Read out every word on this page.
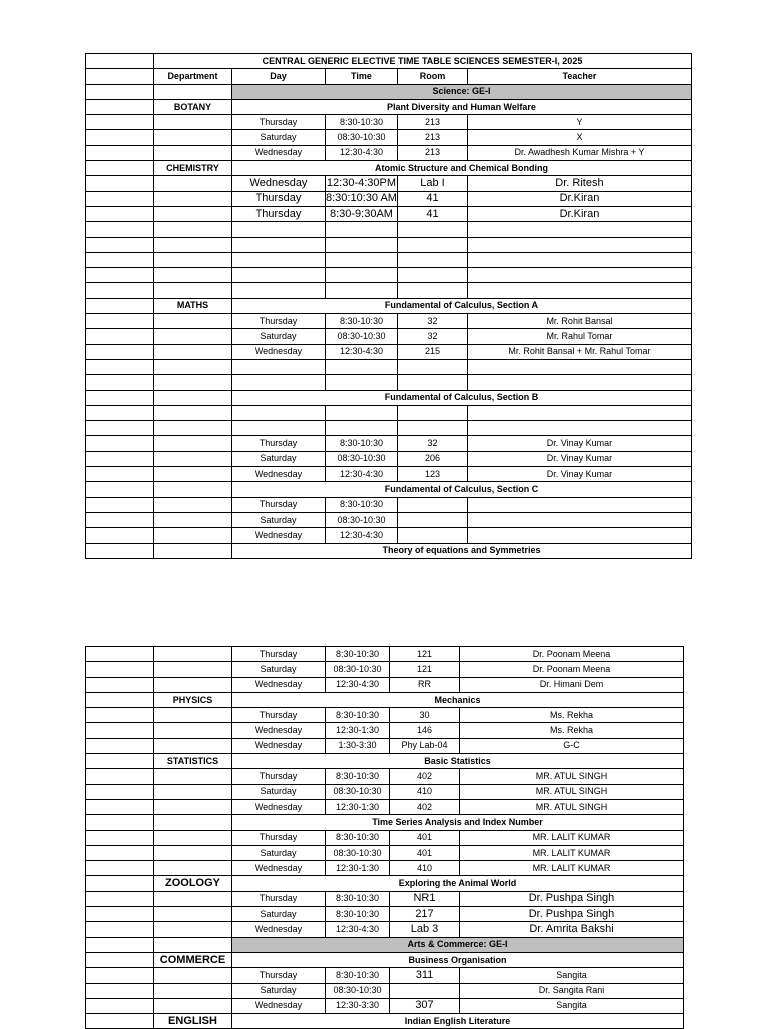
	CENTRAL GENERIC ELECTIVE TIME TABLE SCIENCES SEMESTER-I, 2025				
	Department	Day	Time	Room	Teacher
		Science: GE-I			
	BOTANY	Plant Diversity and Human Welfare			
		Thursday	8:30-10:30	213	Y
		Saturday	08:30-10:30	213	X
		Wednesday	12:30-4:30	213	Dr. Awadhesh Kumar Mishra + Y
	CHEMISTRY	Atomic Structure and Chemical Bonding			
		Wednesday	12:30-4:30PM	Lab I	Dr. Ritesh
		Thursday	8:30:10:30 AM	41	Dr.Kiran
		Thursday	8:30-9:30AM	41	Dr.Kiran

	MATHS	Fundamental of Calculus, Section A			
		Thursday	8:30-10:30	32	Mr. Rohit Bansal
		Saturday	08:30-10:30	32	Mr. Rahul Tomar
		Wednesday	12:30-4:30	215	Mr. Rohit Bansal + Mr. Rahul Tomar

		Fundamental of Calculus, Section B			

		Thursday	8:30-10:30	32	Dr. Vinay Kumar
		Saturday	08:30-10:30	206	Dr. Vinay Kumar
		Wednesday	12:30-4:30	123	Dr. Vinay Kumar
		Fundamental of Calculus, Section C			
		Thursday	8:30-10:30		
		Saturday	08:30-10:30		
		Wednesday	12:30-4:30		
		Theory of equations and Symmetries			
		Thursday	8:30-10:30	121	Dr. Poonam Meena
		Saturday	08:30-10:30	121	Dr. Poonam Meena
		Wednesday	12:30-4:30	RR	Dr. Himani Dem
	PHYSICS	Mechanics			
		Thursday	8:30-10:30	30	Ms. Rekha
		Wednesday	12:30-1:30	146	Ms. Rekha
		Wednesday	1:30-3:30	Phy Lab-04	G-C
	STATISTICS	Basic Statistics			
		Thursday	8:30-10:30	402	MR. ATUL SINGH
		Saturday	08:30-10:30	410	MR. ATUL SINGH
		Wednesday	12:30-1:30	402	MR. ATUL SINGH
		Time Series Analysis and Index Number			
		Thursday	8:30-10:30	401	MR. LALIT KUMAR
		Saturday	08:30-10:30	401	MR. LALIT KUMAR
		Wednesday	12:30-1:30	410	MR. LALIT KUMAR
	ZOOLOGY	Exploring the Animal World			
		Thursday	8:30-10:30	NR1	Dr. Pushpa Singh
		Saturday	8:30-10:30	217	Dr. Pushpa Singh
		Wednesday	12:30-4:30	Lab 3	Dr. Amrita Bakshi
		Arts & Commerce: GE-I			
	COMMERCE	Business Organisation			
		Thursday	8:30-10:30	311	Sangita
		Saturday	08:30-10:30		Dr. Sangita Rani
		Wednesday	12:30-3:30	307	Sangita
	ENGLISH	Indian English Literature			
